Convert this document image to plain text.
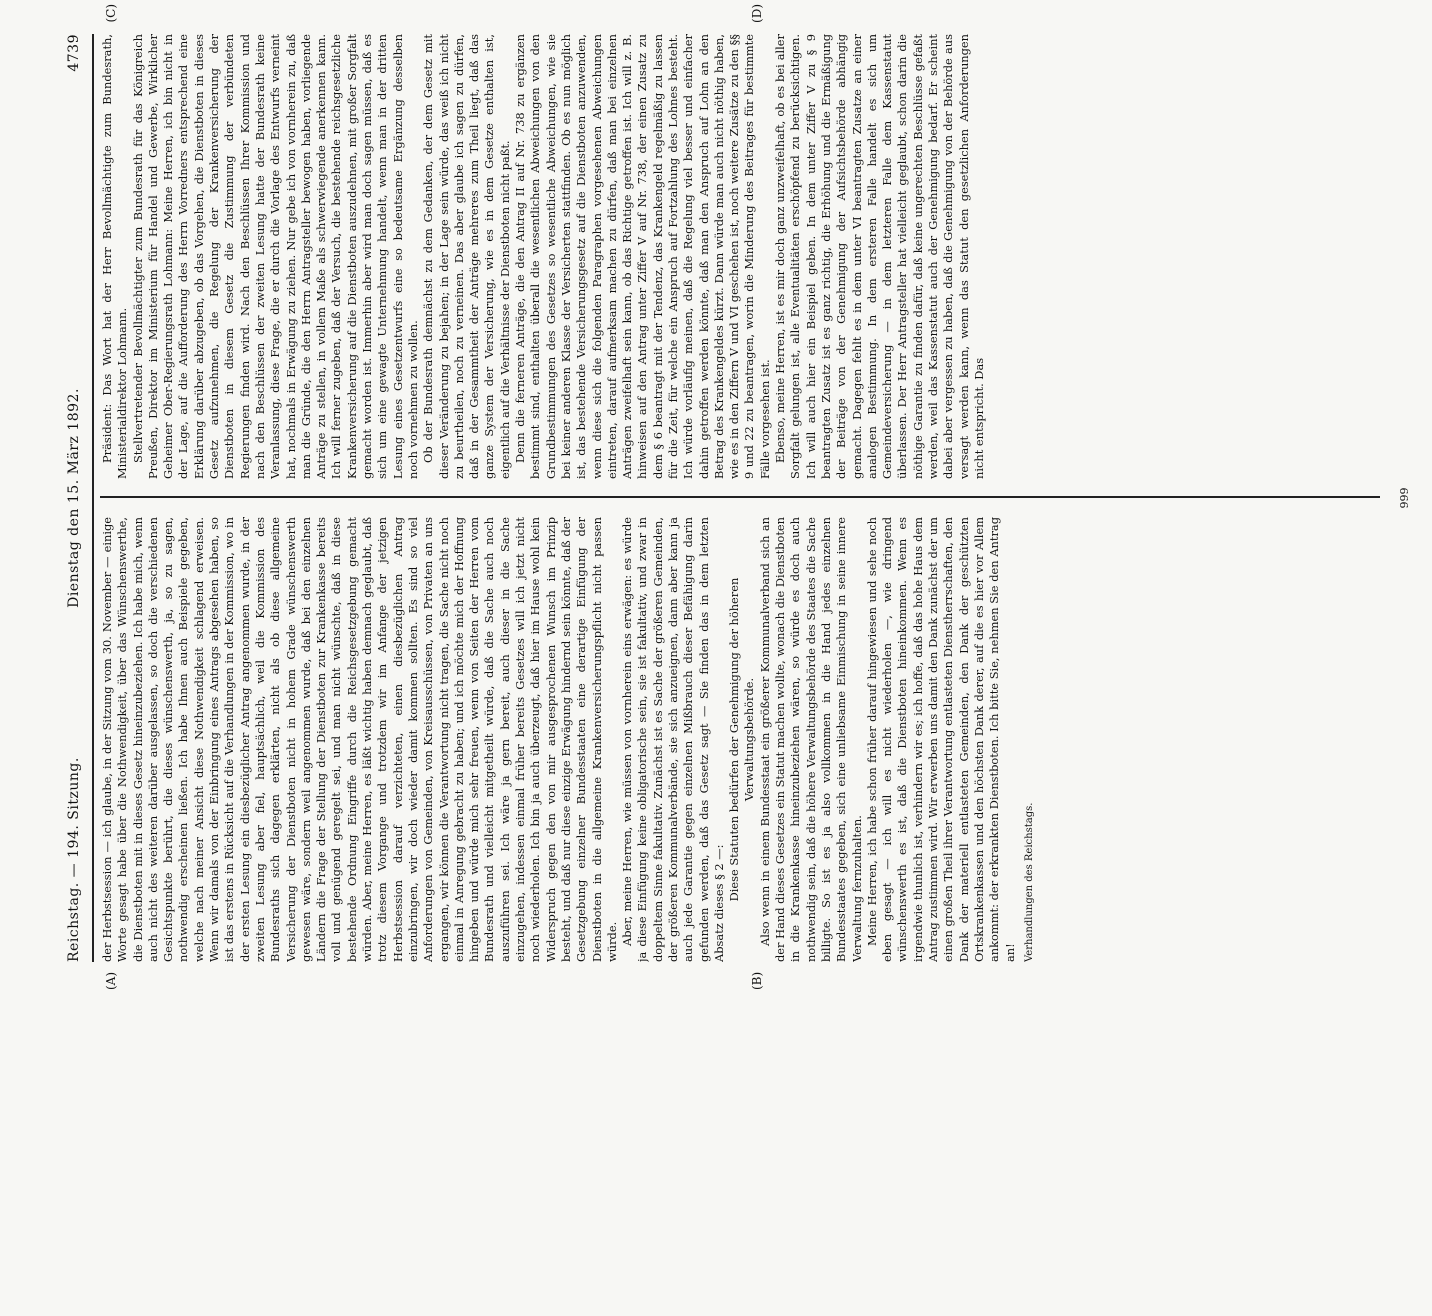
Reichstag. — 194. Sitzung.
Dienstag den 15. März 1892.
4739
(A)	(B)
(C)	(D)

der Herbstsession — ich glaube, in der Sitzung vom 30. November — einige Worte gesagt habe über die Nothwendigkeit, über das Wünschenswerthe, die Dienstboten mit in dieses Gesetz hineinzubeziehen. Ich habe mich, wenn auch nicht des weiteren darüber ausgelassen, so doch die verschiedenen Gesichtspunkte berührt, die dieses wünschenswerth, ja, so zu sagen, nothwendig erscheinen ließen. Ich habe Ihnen auch Beispiele gegeben, welche nach meiner Ansicht diese Nothwendigkeit schlagend erweisen. Wenn wir damals von der Einbringung eines Antrags abgesehen haben, so ist das erstens in Rücksicht auf die Verhandlungen in der Kommission, wo in der ersten Lesung ein diesbezüglicher Antrag angenommen wurde, in der zweiten Lesung aber fiel, hauptsächlich, weil die Kommission des Bundesraths sich dagegen erklärten, nicht als ob diese allgemeine Versicherung der Dienstboten nicht in hohem Grade wünschenswerth gewesen wäre, sondern weil angenommen wurde, daß bei den einzelnen Ländern die Frage der Stellung der Dienstboten zur Krankenkasse bereits voll und genügend geregelt sei, und man nicht wünschte, daß in diese bestehende Ordnung Eingriffe durch die Reichsgesetzgebung gemacht würden. Aber, meine Herren, es läßt wichtig haben demnach geglaubt, daß trotz diesem Vorgange und trotzdem wir im Anfange der jetzigen Herbstsession darauf verzichteten, einen diesbezüglichen Antrag einzubringen, wir doch wieder damit kommen sollten. Es sind so viel Anforderungen von Gemeinden, von Kreisausschüssen, von Privaten an uns ergangen, wir können die Verantwortung nicht tragen, die Sache nicht noch einmal in Anregung gebracht zu haben; und ich möchte mich der Hoffnung hingeben und würde mich sehr freuen, wenn von Seiten der Herren vom Bundesrath und vielleicht mitgetheilt würde, daß die Sache auch noch auszuführen sei. Ich wäre ja gern bereit, auch dieser in die Sache einzugehen, indessen einmal früher bereits Gesetzes will ich jetzt nicht noch wiederholen. Ich bin ja auch überzeugt, daß hier im Hause wohl kein Widerspruch gegen den von mir ausgesprochenen Wunsch im Prinzip besteht, und daß nur diese einzige Erwägung hindernd sein könnte, daß der Gesetzgebung einzelner Bundesstaaten eine derartige Einfügung der Dienstboten in die allgemeine Krankenversicherungspflicht nicht passen würde. Aber, meine Herren, wie müssen von vornherein eins erwägen: es würde ja diese Einfügung keine obligatorische sein, sie ist fakultativ, und zwar in doppeltem Sinne fakultativ. Zunächst ist es Sache der größeren Gemeinden, der größeren Kommunalverbände, sie sich anzueignen, dann aber kann ja auch jede Garantie gegen einzelnen Mißbrauch dieser Befähigung darin gefunden werden, daß das Gesetz sagt — Sie finden das in dem letzten Absatz dieses § 2 —:

Diese Statuten bedürfen der Genehmigung der höheren Verwaltungsbehörde. Also wenn in einem Bundesstaat ein größerer Kommunalverband sich an der Hand dieses Gesetzes ein Statut machen wollte, wonach die Dienstboten in die Krankenkasse hineinzubeziehen wären, so würde es doch auch nothwendig sein, daß die höhere Verwaltungsbehörde des Staates die Sache billigte. So ist es ja also vollkommen in die Hand jedes einzelnen Bundesstaates gegeben, sich eine unliebsame Einmischung in seine innere Verwaltung fernzuhalten. Meine Herren, ich habe schon früher darauf hingewiesen und sehe noch eben gesagt — ich will es nicht wiederholen —, wie dringend wünschenswerth es ist, daß die Dienstboten hineinkommen. Wenn es irgendwie thunlich ist, verhindern wir es; ich hoffe, daß das hohe Haus dem Antrag zustimmen wird. Wir erwerben uns damit den Dank zunächst der um einen großen Theil ihrer Verantwortung entlasteten Dienstherrschaften, den Dank der materiell entlasteten Gemeinden, den Dank der geschützten Ortskrankenkassen und den höchsten Dank derer, auf die es hier vor Allem ankommt: der erkrankten Dienstboten. Ich bitte Sie, nehmen Sie den Antrag an! Verhandlungen des Reichstags.

Präsident: Das Wort hat der Herr Bevollmächtigte zum Bundesrath, Ministerialdirektor Lohmann. Stellvertretender Bevollmächtigter zum Bundesrath für das Königreich Preußen, Direktor im Ministerium für Handel und Gewerbe, Wirklicher Geheimer Ober-Regierungsrath Lohmann: Meine Herren, ich bin nicht in der Lage, auf die Aufforderung des Herrn Vorredners entsprechend eine Erklärung darüber abzugeben, ob das Vorgehen, die Dienstboten in dieses Gesetz aufzunehmen, die Regelung der Krankenversicherung der Dienstboten in diesem Gesetz die Zustimmung der verbündeten Regierungen finden wird. Nach den Beschlüssen Ihrer Kommission und nach den Beschlüssen der zweiten Lesung hatte der Bundesrath keine Veranlassung, diese Frage, die er durch die Vorlage des Entwurfs verneint hat, nochmals in Erwägung zu ziehen. Nur gebe ich von vornherein zu, daß man die Gründe, die den Herrn Antragsteller bewogen haben, vorliegende Anträge zu stellen, in vollem Maße als schwerwiegende anerkennen kann. Ich will ferner zugeben, daß der Versuch, die bestehende reichsgesetzliche Krankenversicherung auf die Dienstboten auszudehnen, mit großer Sorgfalt gemacht worden ist. Immerhin aber wird man doch sagen müssen, daß es sich um eine gewagte Unternehmung handelt, wenn man in der dritten Lesung eines Gesetzentwurfs eine so bedeutsame Ergänzung desselben noch vornehmen zu wollen. Ob der Bundesrath demnächst zu dem Gedanken, der dem Gesetz mit dieser Veränderung zu bejahen; in der Lage sein würde, das weiß ich nicht zu beurtheilen, noch zu verneinen. Das aber glaube ich sagen zu dürfen, daß in der Gesammtheit der Anträge mehreres zum Theil liegt, daß das ganze System der Versicherung, wie es in dem Gesetze enthalten ist, eigentlich auf die Verhältnisse der Dienstboten nicht paßt. Denn die ferneren Anträge, die den Antrag II auf Nr. 738 zu ergänzen bestimmt sind, enthalten überall die wesentlichen Abweichungen von den Grundbestimmungen des Gesetzes so wesentliche Abweichungen, wie sie bei keiner anderen Klasse der Versicherten stattfinden. Ob es nun möglich ist, das bestehende Versicherungsgesetz auf die Dienstboten anzuwenden, wenn diese sich die folgenden Paragraphen vorgesehenen Abweichungen eintreten, darauf aufmerksam machen zu dürfen, daß man bei einzelnen Anträgen zweifelhaft sein kann, ob das Richtige getroffen ist. Ich will z. B. hinweisen auf den Antrag unter Ziffer V auf Nr. 738, der einen Zusatz zu dem § 6 beantragt mit der Tendenz, das Krankengeld regelmäßig zu lassen für die Zeit, für welche ein Anspruch auf Fortzahlung des Lohnes besteht. Ich würde vorläufig meinen, daß die Regelung viel besser und einfacher dahin getroffen werden könnte, daß man den Anspruch auf Lohn an den Betrag des Krankengeldes kürzt. Dann würde man auch nicht nöthig haben, wie es in den Ziffern V und VI geschehen ist, noch weitere Zusätze zu den §§ 9 und 22 zu beantragen, worin die Minderung des Beitrages für bestimmte Fälle vorgesehen ist. Ebenso, meine Herren, ist es mir doch ganz unzweifelhaft, ob es bei aller Sorgfalt gelungen ist, alle Eventualitäten erschöpfend zu berücksichtigen. Ich will auch hier ein Beispiel geben. In dem unter Ziffer V zu § 9 beantragten Zusatz ist es ganz richtig, die Erhöhung und die Ermäßigung der Beiträge von der Genehmigung der Aufsichtsbehörde abhängig gemacht. Dagegen fehlt es in dem unter VI beantragten Zusatze an einer analogen Bestimmung. In dem ersteren Falle handelt es sich um Gemeindeversicherung — in dem letzteren Falle dem Kassenstatut überlassen. Der Herr Antragsteller hat vielleicht geglaubt, schon darin die nöthige Garantie zu finden dafür, daß keine ungerechten Beschlüsse gefaßt werden, weil das Kassenstatut auch der Genehmigung bedarf. Er scheint dabei aber vergessen zu haben, daß die Genehmigung von der Behörde aus versagt werden kann, wenn das Statut den gesetzlichen Anforderungen nicht entspricht. Das

999
